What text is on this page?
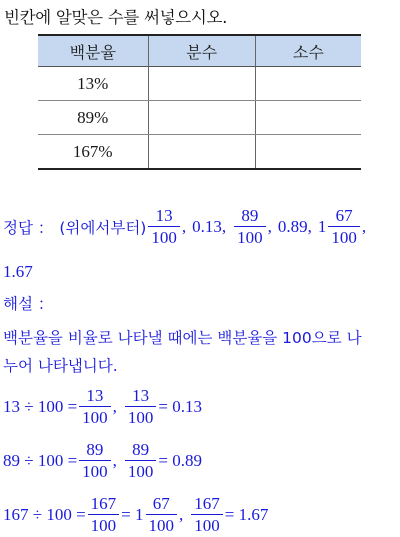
빈칸에 알맞은 수를 써넣으시오.
백분율	분수	소수
13%		
89%		
167%		
정답 ： (위에서부터) $\frac{13}{100}$ , 0.13, $\frac{89}{100}$ , 0.89, $1 \frac{67}{100}$ ,
1.67
해설 ：
백분율을 비율로 나타낼 때에는 백분율을 100으로 나
누어 나타냅니다.
$13 \div 100 = \frac{13}{100}$ , $\frac{13}{100} = 0.13$
$89 \div 100 = \frac{89}{100}$ , $\frac{89}{100} = 0.89$
$167 \div 100 = \frac{167}{100} = 1 \frac{67}{100}$ , $\frac{167}{100} = 1.67$
